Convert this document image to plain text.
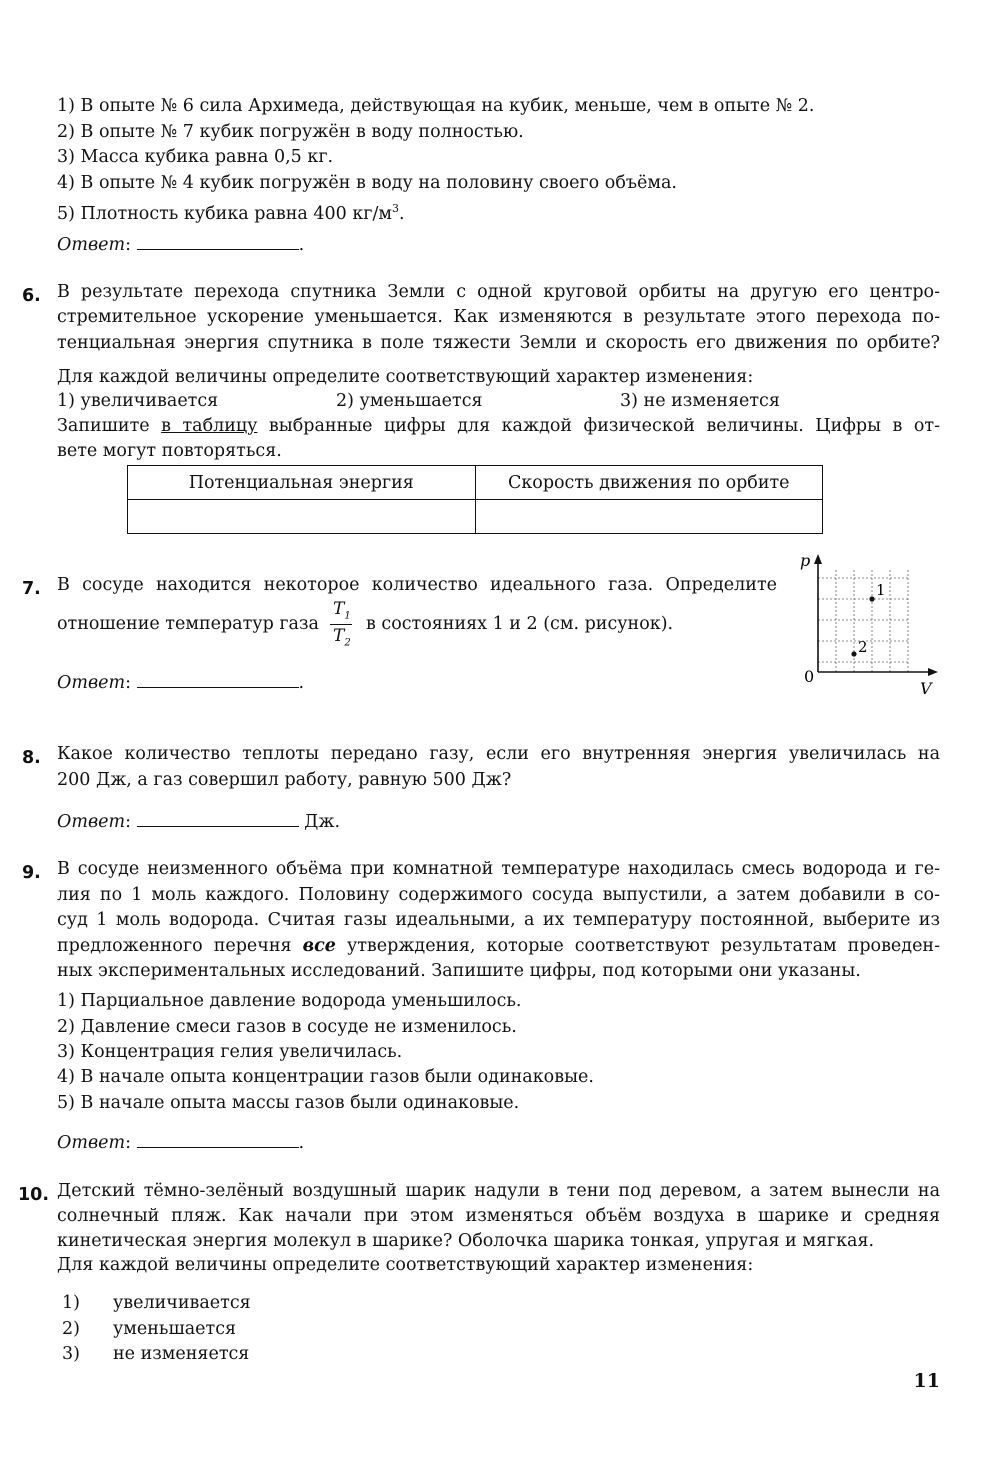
1) В опыте № 6 сила Архимеда, действующая на кубик, меньше, чем в опыте № 2.
2) В опыте № 7 кубик погружён в воду полностью.
3) Масса кубика равна 0,5 кг.
4) В опыте № 4 кубик погружён в воду на половину своего объёма.
5) Плотность кубика равна 400 $кг/м^3$.
Ответ:	.
6. В результате перехода спутника Земли с одной круговой орбиты на другую его центро-
стремительное ускорение уменьшается. Как изменяются в результате этого перехода по-
тенциальная энергия спутника в поле тяжести Земли и скорость его движения по орбите?
Для каждой величины определите соответствующий характер изменения:
1) увеличивается	2) уменьшается	3) не изменяется
Запишите в таблицу выбранные цифры для каждой физической величины. Цифры в от-
вете могут повторяться.
Потенциальная энергия	Скорость движения по орбите

7. В сосуде находится некоторое количество идеального газа. Определите
отношение температур газа
$T_1$
$T_2$
в состояниях 1 и 2 (см. рисунок).
Ответ:	.
p
V
0
1
2
8. Какое количество теплоты передано газу, если его внутренняя энергия увеличилась на
200 Дж, а газ совершил работу, равную 500 Дж?
Ответ:	Дж.
9. В сосуде неизменного объёма при комнатной температуре находилась смесь водорода и ге-
лия по 1 моль каждого. Половину содержимого сосуда выпустили, а затем добавили в со-
суд 1 моль водорода. Считая газы идеальными, а их температуру постоянной, выберите из
предложенного перечня все утверждения, которые соответствуют результатам проведен-
ных экспериментальных исследований. Запишите цифры, под которыми они указаны.
1) Парциальное давление водорода уменьшилось.
2) Давление смеси газов в сосуде не изменилось.
3) Концентрация гелия увеличилась.
4) В начале опыта концентрации газов были одинаковые.
5) В начале опыта массы газов были одинаковые.
Ответ:	.
10. Детский тёмно-зелёный воздушный шарик надули в тени под деревом, а затем вынесли на
солнечный пляж. Как начали при этом изменяться объём воздуха в шарике и средняя
кинетическая энергия молекул в шарике? Оболочка шарика тонкая, упругая и мягкая.
Для каждой величины определите соответствующий характер изменения:
1) увеличивается
2) уменьшается
3) не изменяется
11
